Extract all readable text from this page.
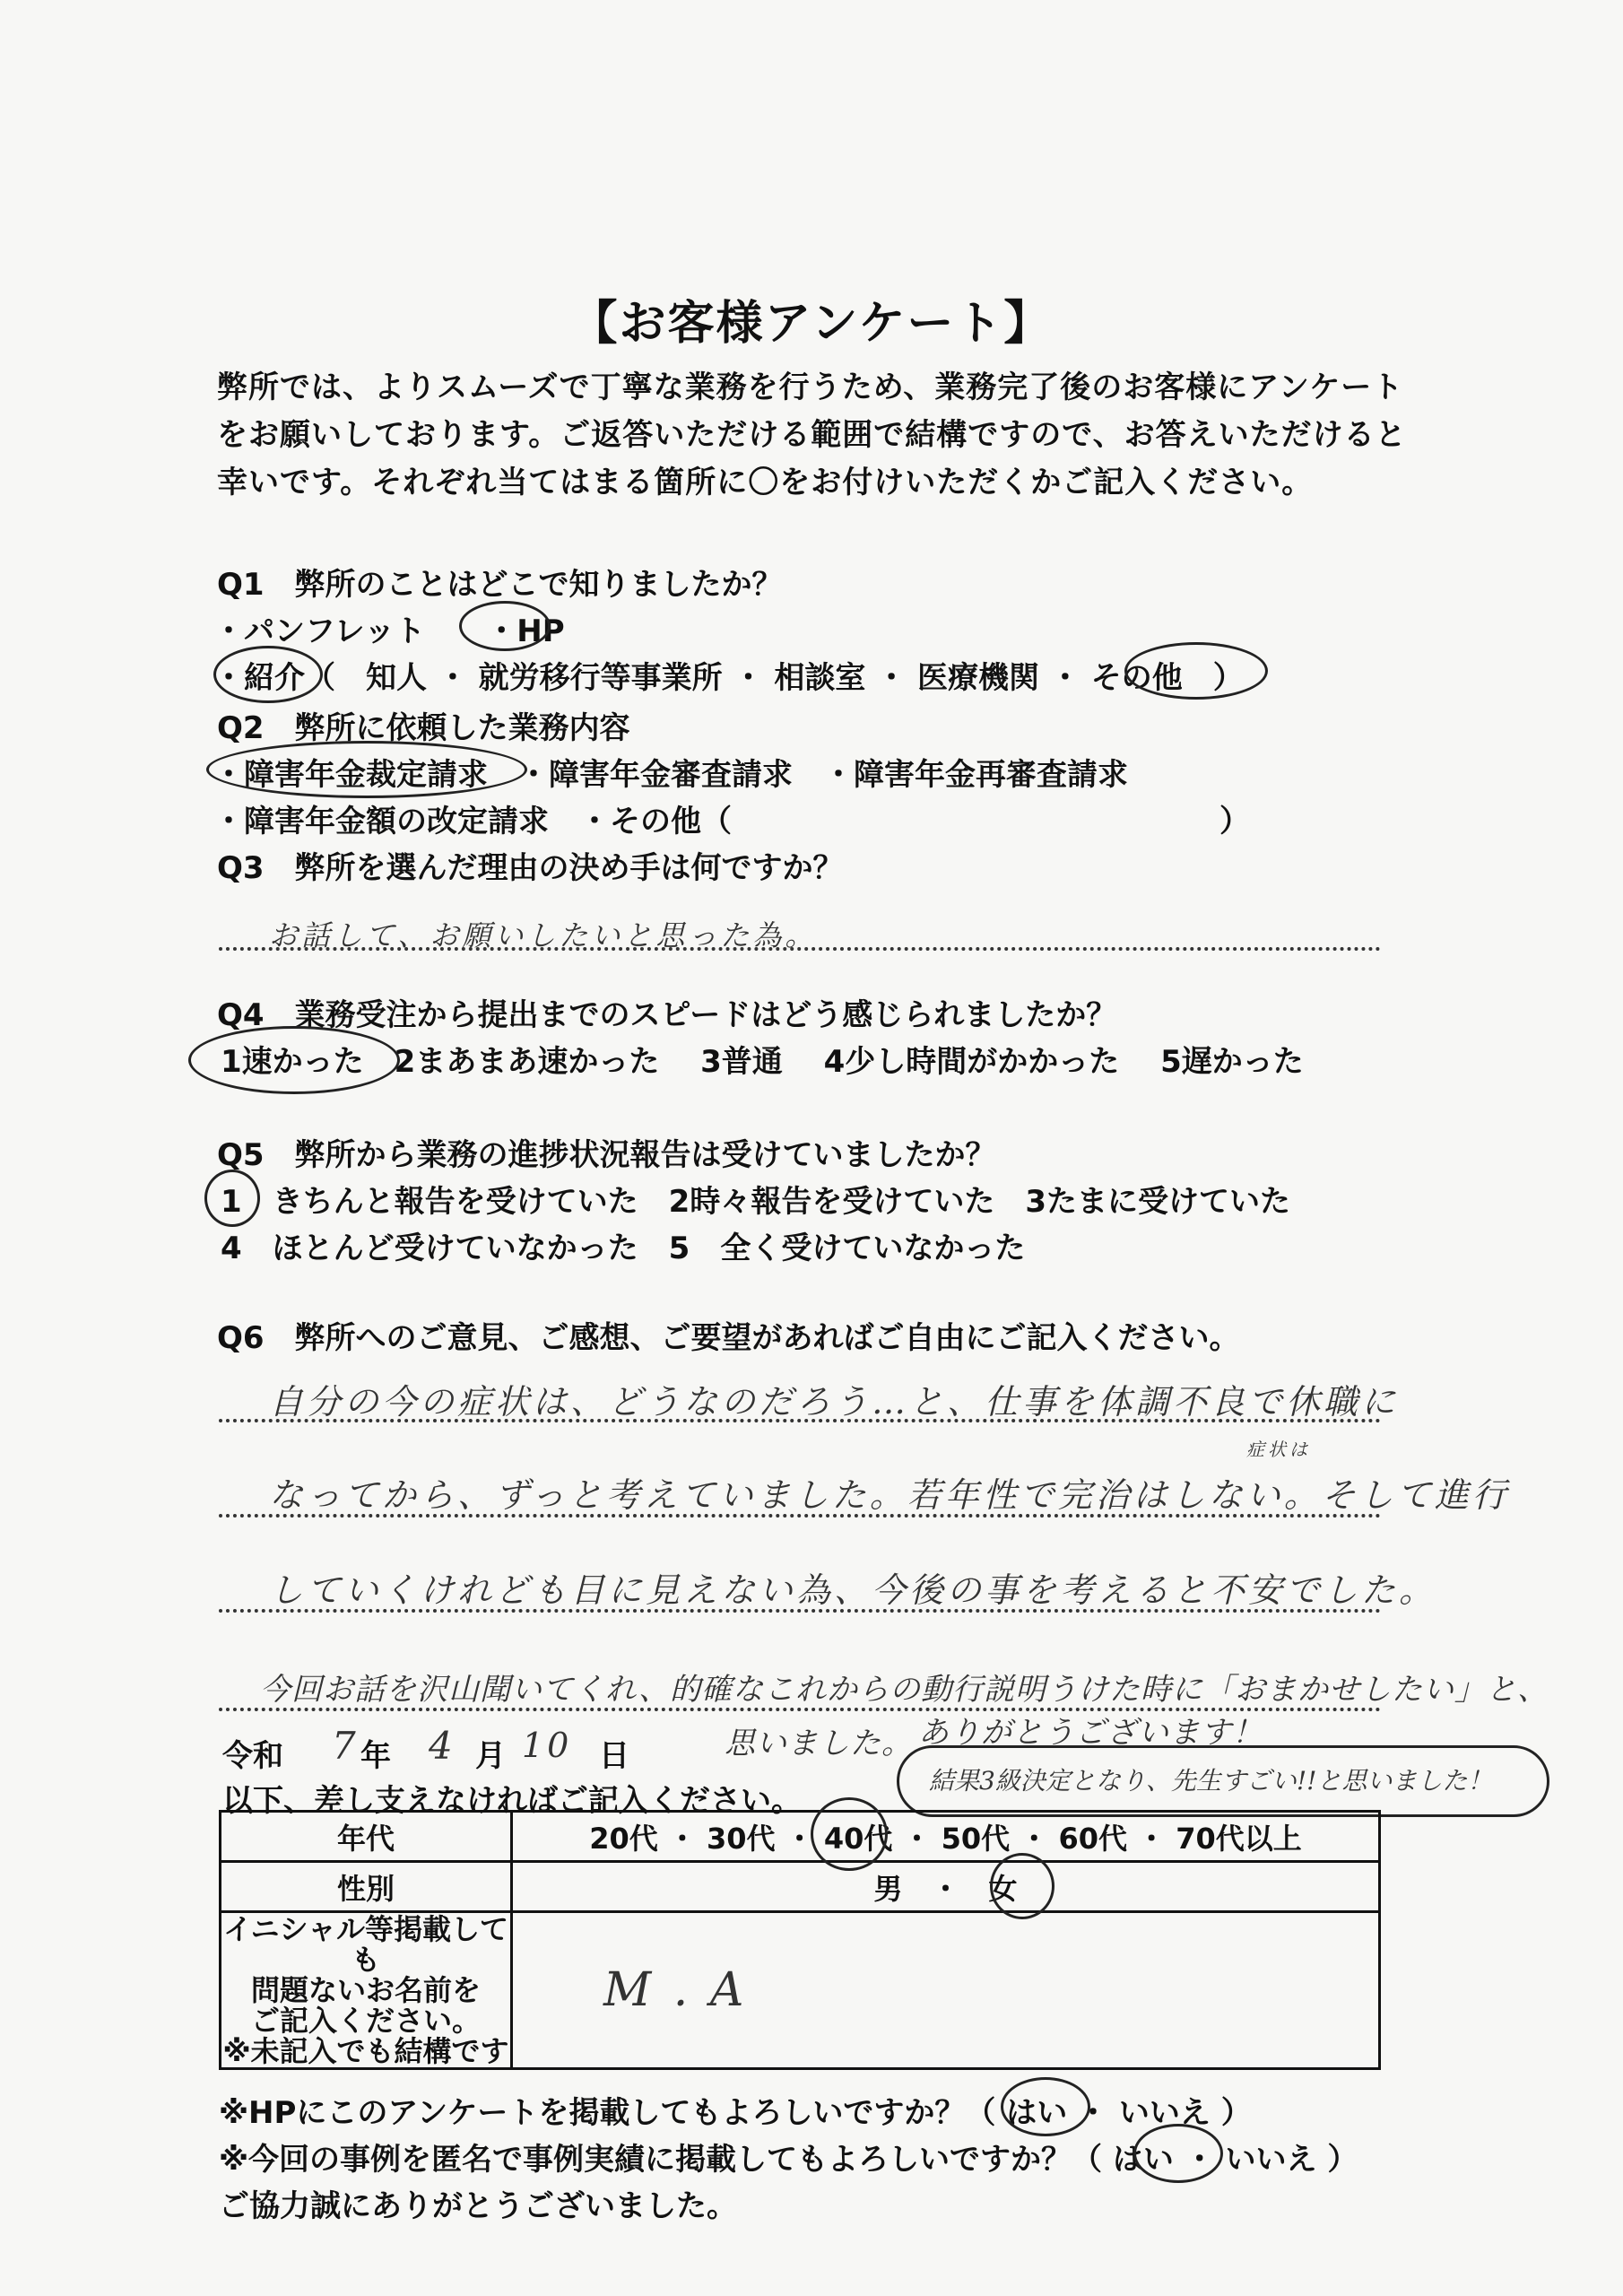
【お客様アンケート】
弊所では、よりスムーズで丁寧な業務を行うため、業務完了後のお客様にアンケート
をお願いしております。ご返答いただける範囲で結構ですので、お答えいただけると
幸いです。それぞれ当てはまる箇所に〇をお付けいただくかご記入ください。
Q1　弊所のことはどこで知りましたか？
・パンフレット　　・HP
・紹介（　知人 ・ 就労移行等事業所 ・ 相談室 ・ 医療機関 ・ その他　）
Q2　弊所に依頼した業務内容
・障害年金裁定請求　・障害年金審査請求　・障害年金再審査請求
・障害年金額の改定請求　・その他（　　　　　　　　　　　　　　　　）
Q3　弊所を選んだ理由の決め手は何ですか？
お話して、お願いしたいと思った為。
Q4　業務受注から提出までのスピードはどう感じられましたか？
1速かった　2まあまあ速かった　 3普通　 4少し時間がかかった　 5遅かった
Q5　弊所から業務の進捗状況報告は受けていましたか？
1　きちんと報告を受けていた　2時々報告を受けていた　3たまに受けていた
4　ほとんど受けていなかった　5　全く受けていなかった
Q6　弊所へのご意見、ご感想、ご要望があればご自由にご記入ください。
自分の今の症状は、どうなのだろう…と、仕事を体調不良で休職に
症状は
なってから、ずっと考えていました。若年性で完治はしない。そして進行
していくけれども目に見えない為、今後の事を考えると不安でした。
今回お話を沢山聞いてくれ、的確なこれからの動行説明うけた時に「おまかせしたい」と、
令和 7 年 4 月 10 日	思いました。 ありがとうございます！
結果3級決定となり、先生すごい!!と思いました！
以下、差し支えなければご記入ください。
年代	20代 ・ 30代 ・ 40代 ・ 50代 ・ 60代 ・ 70代以上
性別	男　・　女

イニシャル等掲載しても
問題ないお名前を
ご記入ください。
※未記入でも結構です	M . A
※HPにこのアンケートを掲載してもよろしいですか？（ はい ・ いいえ ）
※今回の事例を匿名で事例実績に掲載してもよろしいですか？（ はい ・ いいえ ）
ご協力誠にありがとうございました。
